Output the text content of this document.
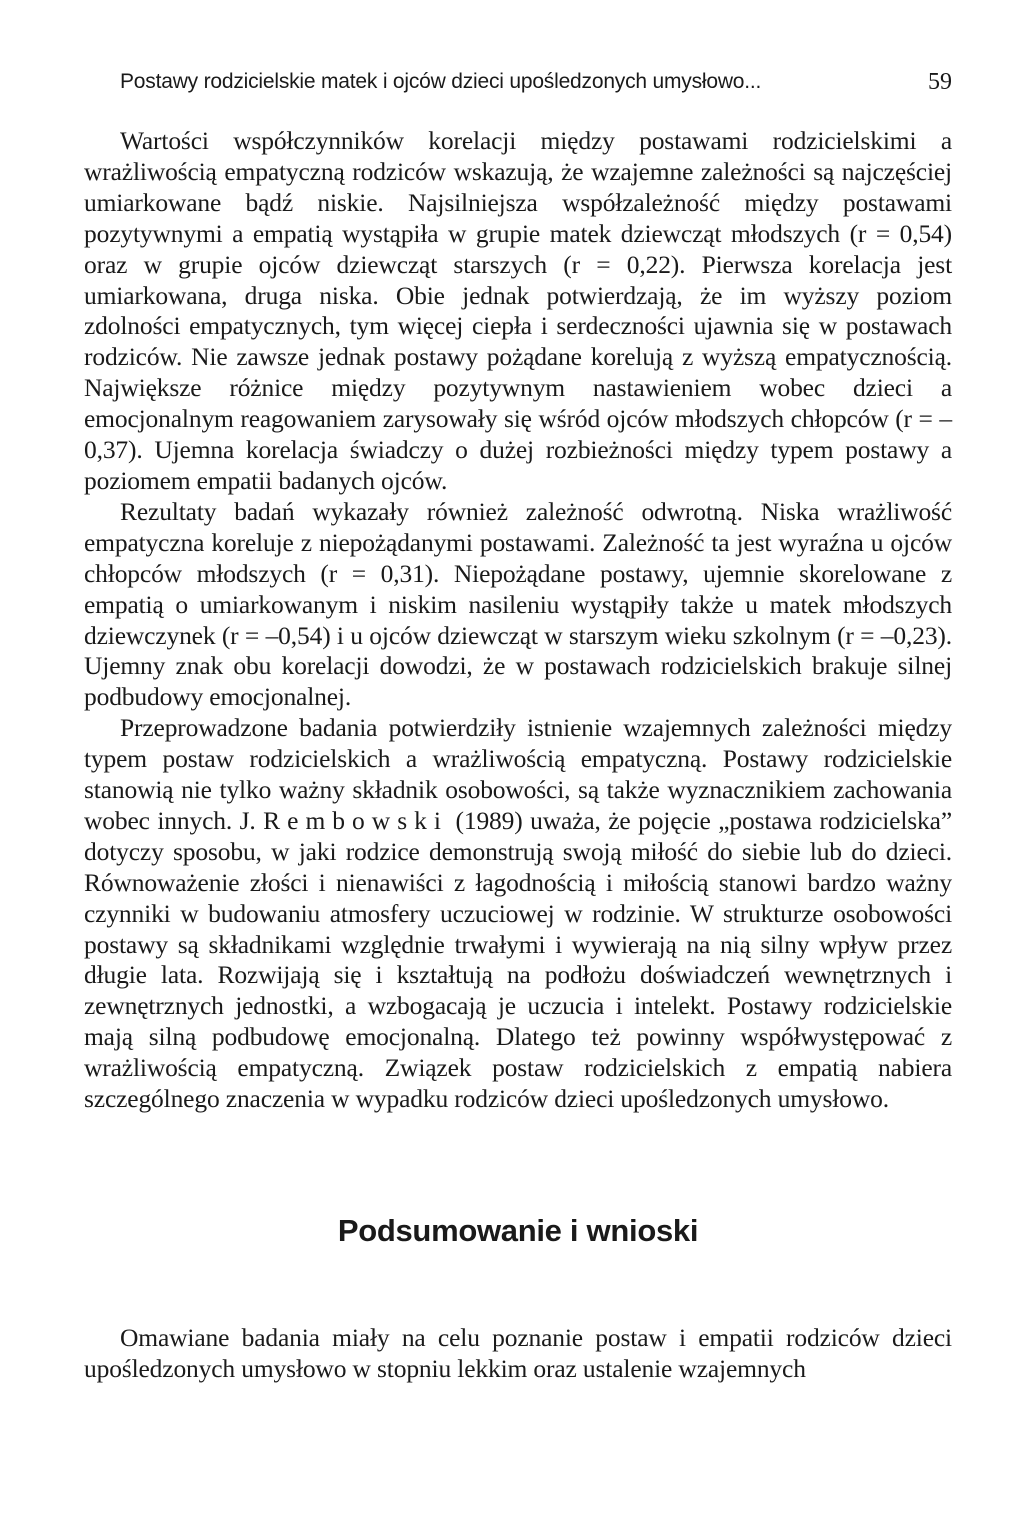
Postawy rodzicielskie matek i ojców dzieci upośledzonych umysłowo...	59

Wartości współczynników korelacji między postawami rodzicielskimi a wrażliwością empatyczną rodziców wskazują, że wzajemne zależności są najczęściej umiarkowane bądź niskie. Najsilniejsza współzależność między postawami pozytywnymi a empatią wystąpiła w grupie matek dziewcząt młodszych (r = 0,54) oraz w grupie ojców dziewcząt starszych (r = 0,22). Pierwsza korelacja jest umiarkowana, druga niska. Obie jednak potwierdzają, że im wyższy poziom zdolności empatycznych, tym więcej ciepła i serdeczności ujawnia się w postawach rodziców. Nie zawsze jednak postawy pożądane korelują z wyższą empatycznością. Największe różnice między pozytywnym nastawieniem wobec dzieci a emocjonalnym reagowaniem zarysowały się wśród ojców młodszych chłopców (r = –0,37). Ujemna korelacja świadczy o dużej rozbieżności między typem postawy a poziomem empatii badanych ojców.

Rezultaty badań wykazały również zależność odwrotną. Niska wrażliwość empatyczna koreluje z niepożądanymi postawami. Zależność ta jest wyraźna u ojców chłopców młodszych (r = 0,31). Niepożądane postawy, ujemnie skorelowane z empatią o umiarkowanym i niskim nasileniu wystąpiły także u matek młodszych dziewczynek (r = –0,54) i u ojców dziewcząt w starszym wieku szkolnym (r = –0,23). Ujemny znak obu korelacji dowodzi, że w postawach rodzicielskich brakuje silnej podbudowy emocjonalnej.

Przeprowadzone badania potwierdziły istnienie wzajemnych zależności między typem postaw rodzicielskich a wrażliwością empatyczną. Postawy rodzicielskie stanowią nie tylko ważny składnik osobowości, są także wyznacznikiem zachowania wobec innych. J. Rembowski (1989) uważa, że pojęcie „postawa rodzicielska” dotyczy sposobu, w jaki rodzice demonstrują swoją miłość do siebie lub do dzieci. Równoważenie złości i nienawiści z łagodnością i miłością stanowi bardzo ważny czynniki w budowaniu atmosfery uczuciowej w rodzinie. W strukturze osobowości postawy są składnikami względnie trwałymi i wywierają na nią silny wpływ przez długie lata. Rozwijają się i kształtują na podłożu doświadczeń wewnętrznych i zewnętrznych jednostki, a wzbogacają je uczucia i intelekt. Postawy rodzicielskie mają silną podbudowę emocjonalną. Dlatego też powinny współwystępować z wrażliwością empatyczną. Związek postaw rodzicielskich z empatią nabiera szczególnego znaczenia w wypadku rodziców dzieci upośledzonych umysłowo.

Podsumowanie i wnioski

Omawiane badania miały na celu poznanie postaw i empatii rodziców dzieci upośledzonych umysłowo w stopniu lekkim oraz ustalenie wzajemnych
